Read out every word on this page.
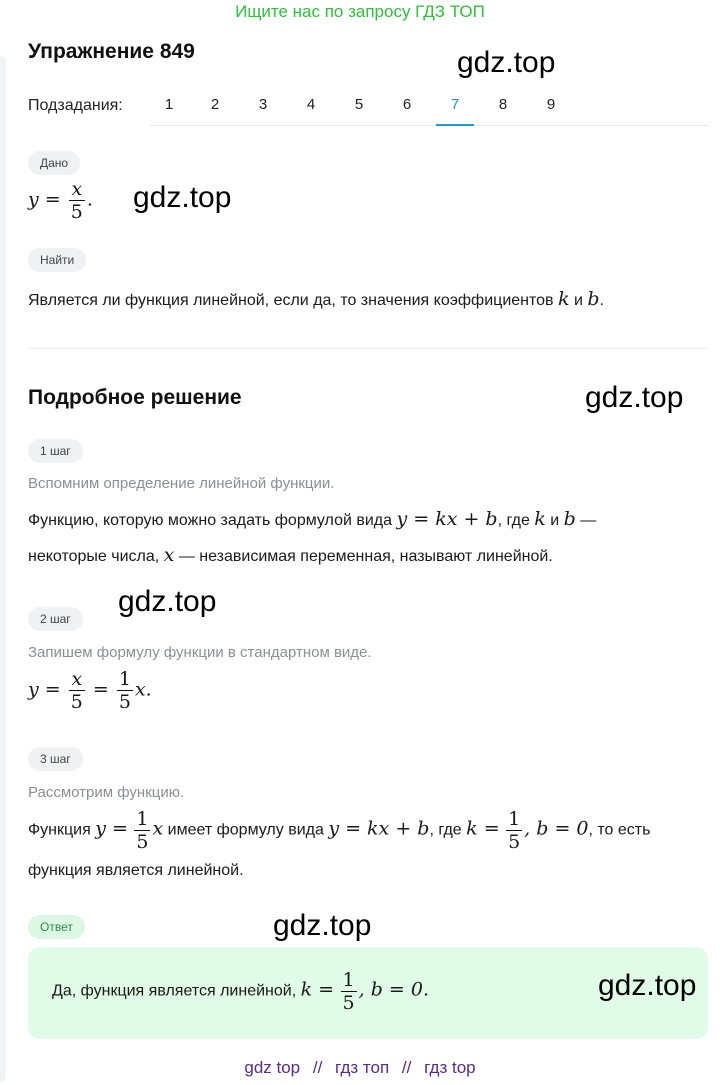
Ищите нас по запросу ГДЗ ТОП
Упражнение 849	gdz.top
Подзадания:	1	2	3	4	5	6	7	8	9
Дано
$y = \frac{x}{5}$ . gdz.top
Найти
Является ли функция линейной, если да, то значения коэффициентов k и b.
Подробное решение	gdz.top
1 шаг
Вспомним определение линейной функции.
Функцию, которую можно задать формулой вида y = kx + b, где k и b —
некоторые числа, x — независимая переменная, называют линейной.
gdz.top
2 шаг
Запишем формулу функции в стандартном виде.
$y = \frac{x}{5} = \frac{1}{5} x$.
3 шаг
Рассмотрим функцию.
Функция $y = \frac{1}{5}$ x имеет формулу вида y = kx + b, где $k = \frac{1}{5}$ , b = 0, то есть
функция является линейной.
Ответ	gdz.top
Да, функция является линейной, $k = \frac{1}{5}$ , b = 0.	gdz.top
gdz top // гдз топ // гдз top
